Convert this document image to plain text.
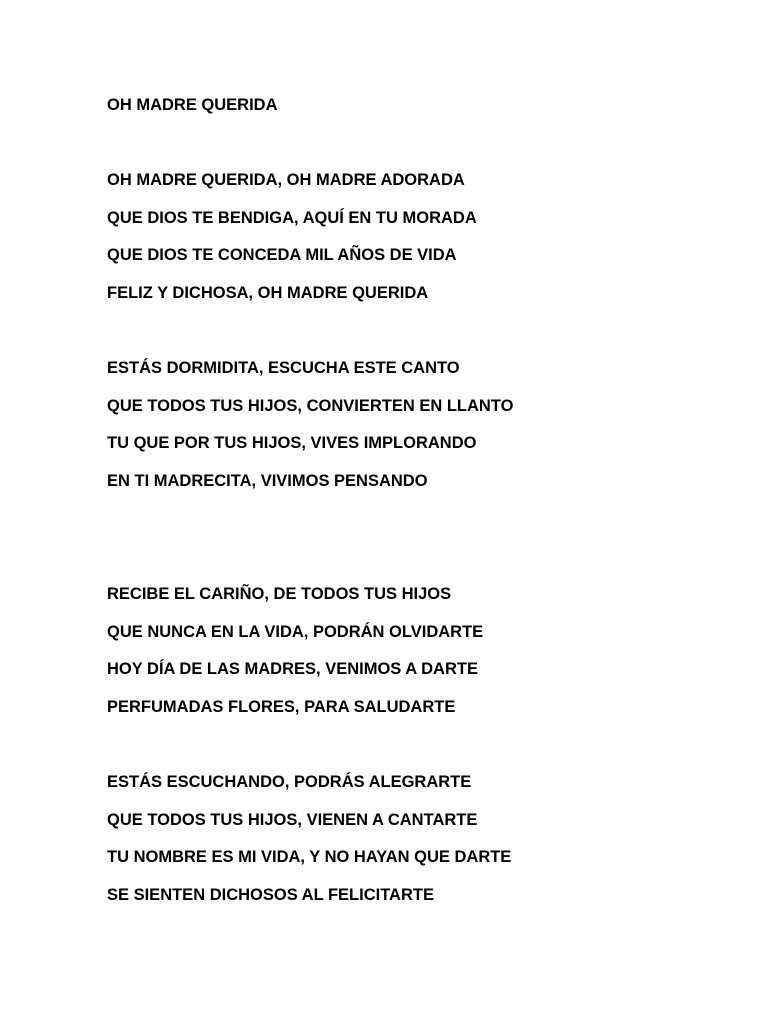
OH MADRE QUERIDA
OH MADRE QUERIDA, OH MADRE ADORADA
QUE DIOS TE BENDIGA, AQUÍ EN TU MORADA
QUE DIOS TE CONCEDA MIL AÑOS DE VIDA
FELIZ Y DICHOSA, OH MADRE QUERIDA
ESTÁS DORMIDITA, ESCUCHA ESTE CANTO
QUE TODOS TUS HIJOS, CONVIERTEN EN LLANTO
TU QUE POR TUS HIJOS, VIVES IMPLORANDO
EN TI MADRECITA, VIVIMOS PENSANDO
RECIBE EL CARIÑO, DE TODOS TUS HIJOS
QUE NUNCA EN LA VIDA, PODRÁN OLVIDARTE
HOY DÍA DE LAS MADRES, VENIMOS A DARTE
PERFUMADAS FLORES, PARA SALUDARTE
ESTÁS ESCUCHANDO, PODRÁS ALEGRARTE
QUE TODOS TUS HIJOS, VIENEN A CANTARTE
TU NOMBRE ES MI VIDA, Y NO HAYAN QUE DARTE
SE SIENTEN DICHOSOS AL FELICITARTE
